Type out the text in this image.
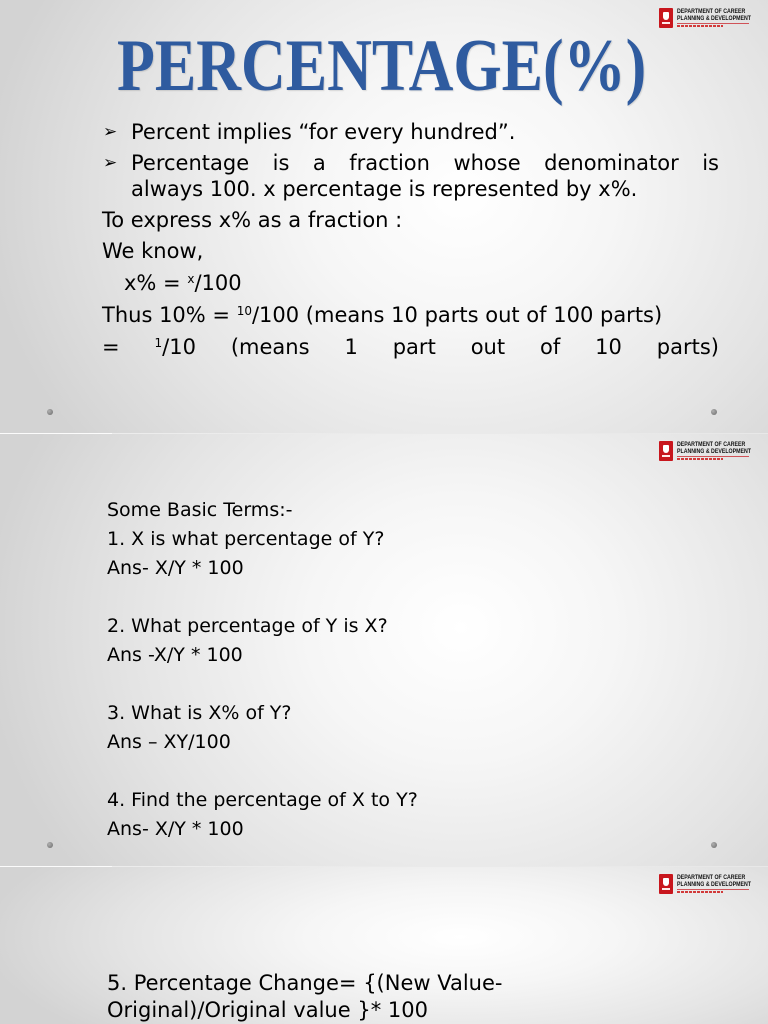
DEPARTMENT OF CAREER
PLANNING & DEVELOPMENT
PERCENTAGE(%)
➢ Percent implies “for every hundred”.
➢ Percentage is a fraction whose denominator is
always 100. x percentage is represented by x%.
To express x% as a fraction :
We know,
x% = $^x$/100
Thus 10% = $^{10}$/100 (means 10 parts out of 100 parts)
= $^1$/10 (means 1 part out of 10 parts)
DEPARTMENT OF CAREER
PLANNING & DEVELOPMENT
Some Basic Terms:-
1. X is what percentage of Y?
Ans- X/Y * 100
2. What percentage of Y is X?
Ans -X/Y * 100
3. What is X% of Y?
Ans – XY/100
4. Find the percentage of X to Y?
Ans- X/Y * 100
DEPARTMENT OF CAREER
PLANNING & DEVELOPMENT
5. Percentage Change= {(New Value-
Original)/Original value }* 100
